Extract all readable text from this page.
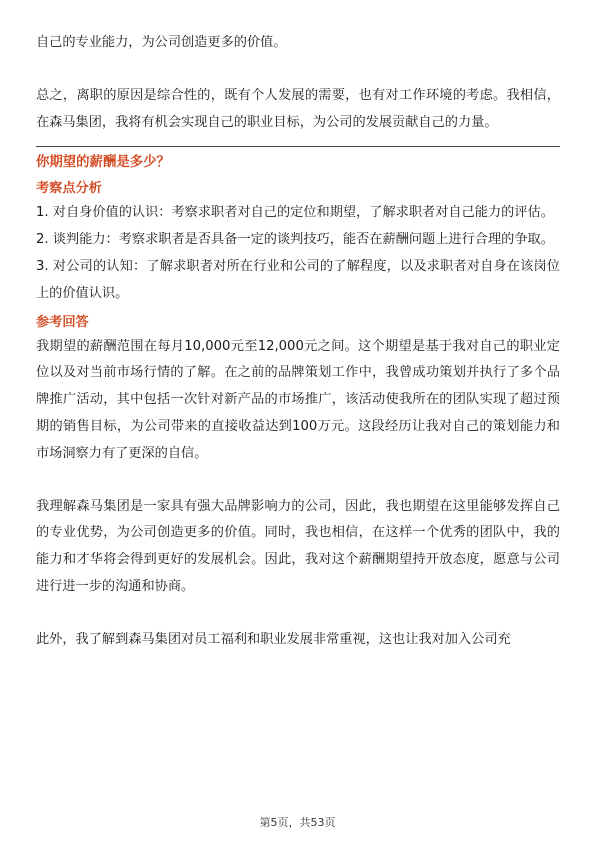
自己的专业能力，为公司创造更多的价值。

总之，离职的原因是综合性的，既有个人发展的需要，也有对工作环境的考虑。我相信，在森马集团，我将有机会实现自己的职业目标，为公司的发展贡献自己的力量。

你期望的薪酬是多少？
考察点分析

1. 对自身价值的认识：考察求职者对自己的定位和期望，了解求职者对自己能力的评估。

2. 谈判能力：考察求职者是否具备一定的谈判技巧，能否在薪酬问题上进行合理的争取。

3. 对公司的认知：了解求职者对所在行业和公司的了解程度，以及求职者对自身在该岗位上的价值认识。

参考回答

我期望的薪酬范围在每月10,000元至12,000元之间。这个期望是基于我对自己的职业定位以及对当前市场行情的了解。在之前的品牌策划工作中，我曾成功策划并执行了多个品牌推广活动，其中包括一次针对新产品的市场推广，该活动使我所在的团队实现了超过预期的销售目标，为公司带来的直接收益达到100万元。这段经历让我对自己的策划能力和市场洞察力有了更深的自信。

我理解森马集团是一家具有强大品牌影响力的公司，因此，我也期望在这里能够发挥自己的专业优势，为公司创造更多的价值。同时，我也相信，在这样一个优秀的团队中，我的能力和才华将会得到更好的发展机会。因此，我对这个薪酬期望持开放态度，愿意与公司进行进一步的沟通和协商。

此外，我了解到森马集团对员工福利和职业发展非常重视，这也让我对加入公司充

第5页，共53页
